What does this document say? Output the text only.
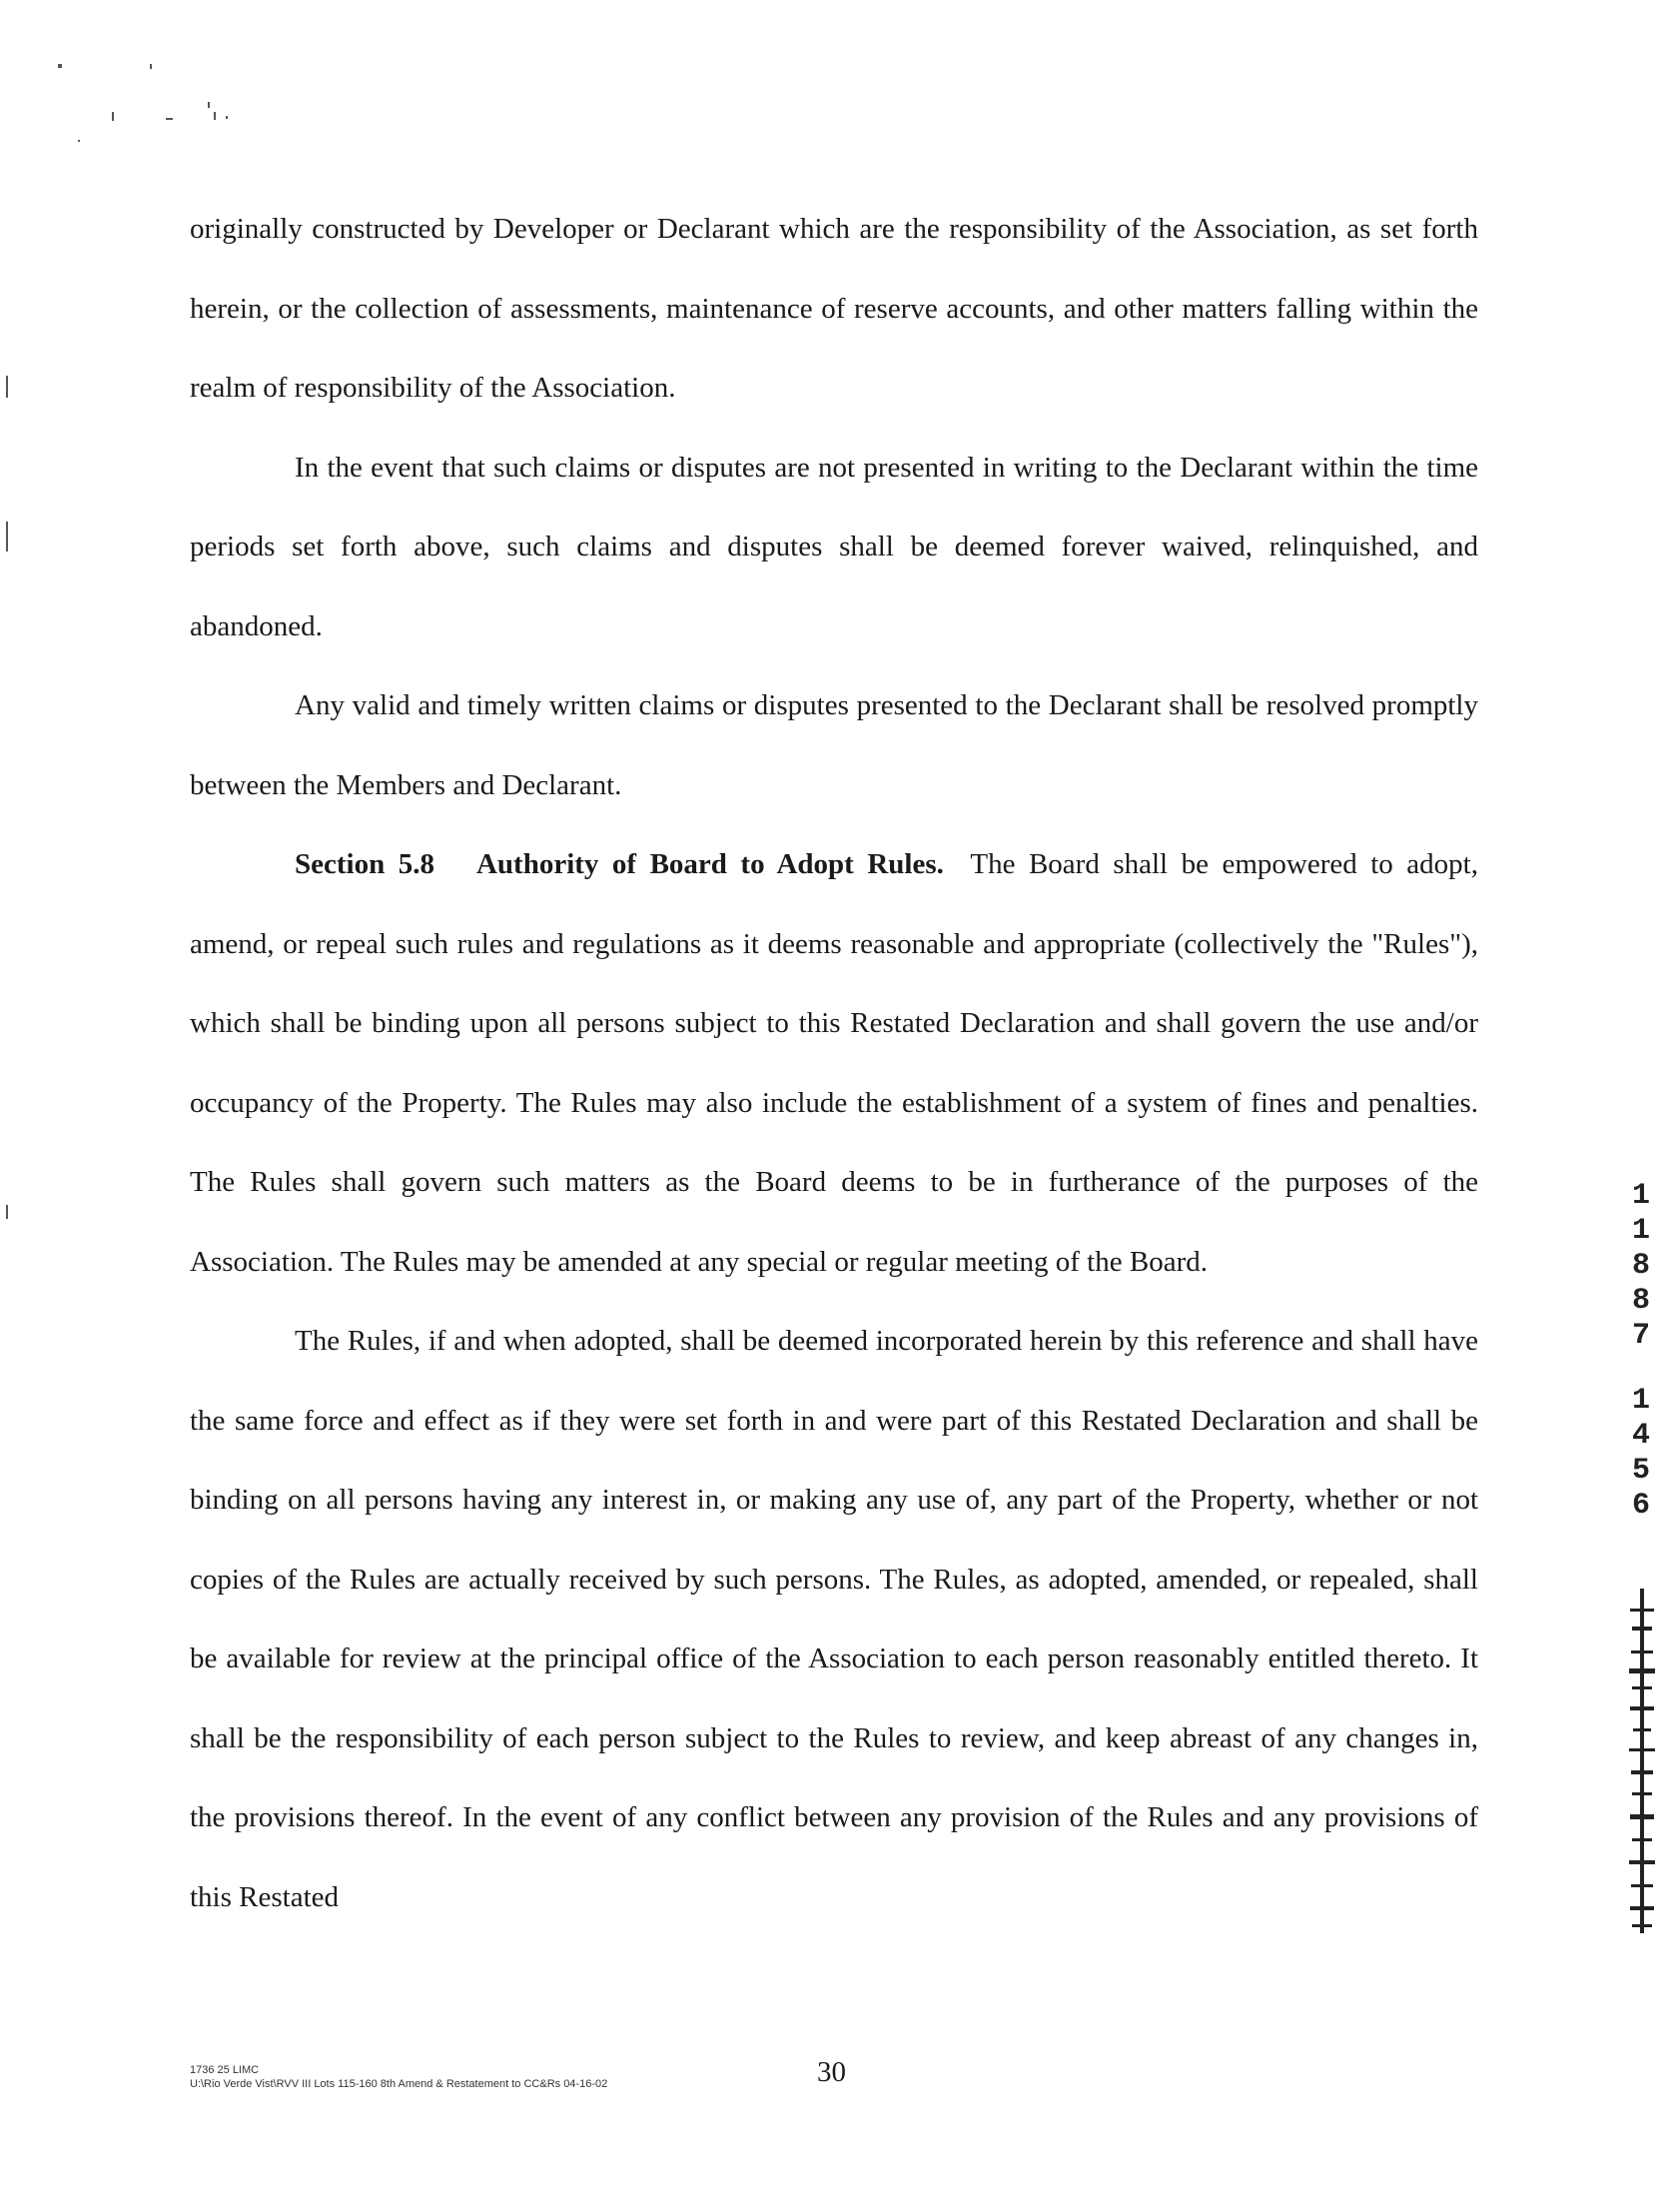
originally constructed by Developer or Declarant which are the responsibility of the Association, as set forth herein, or the collection of assessments, maintenance of reserve accounts, and other matters falling within the realm of responsibility of the Association.

In the event that such claims or disputes are not presented in writing to the Declarant within the time periods set forth above, such claims and disputes shall be deemed forever waived, relinquished, and abandoned.

Any valid and timely written claims or disputes presented to the Declarant shall be resolved promptly between the Members and Declarant.

Section 5.8 Authority of Board to Adopt Rules. The Board shall be empowered to adopt, amend, or repeal such rules and regulations as it deems reasonable and appropriate (collectively the "Rules"), which shall be binding upon all persons subject to this Restated Declaration and shall govern the use and/or occupancy of the Property. The Rules may also include the establishment of a system of fines and penalties. The Rules shall govern such matters as the Board deems to be in furtherance of the purposes of the Association. The Rules may be amended at any special or regular meeting of the Board.

The Rules, if and when adopted, shall be deemed incorporated herein by this reference and shall have the same force and effect as if they were set forth in and were part of this Restated Declaration and shall be binding on all persons having any interest in, or making any use of, any part of the Property, whether or not copies of the Rules are actually received by such persons. The Rules, as adopted, amended, or repealed, shall be available for review at the principal office of the Association to each person reasonably entitled thereto. It shall be the responsibility of each person subject to the Rules to review, and keep abreast of any changes in, the provisions thereof. In the event of any conflict between any provision of the Rules and any provisions of this Restated

1
1
8
8
7
1
4
5
6
1736 25 LIMC
U:\Rio Verde Vist\RVV III Lots 115-160 8th Amend & Restatement to CC&Rs 04-16-02	30
